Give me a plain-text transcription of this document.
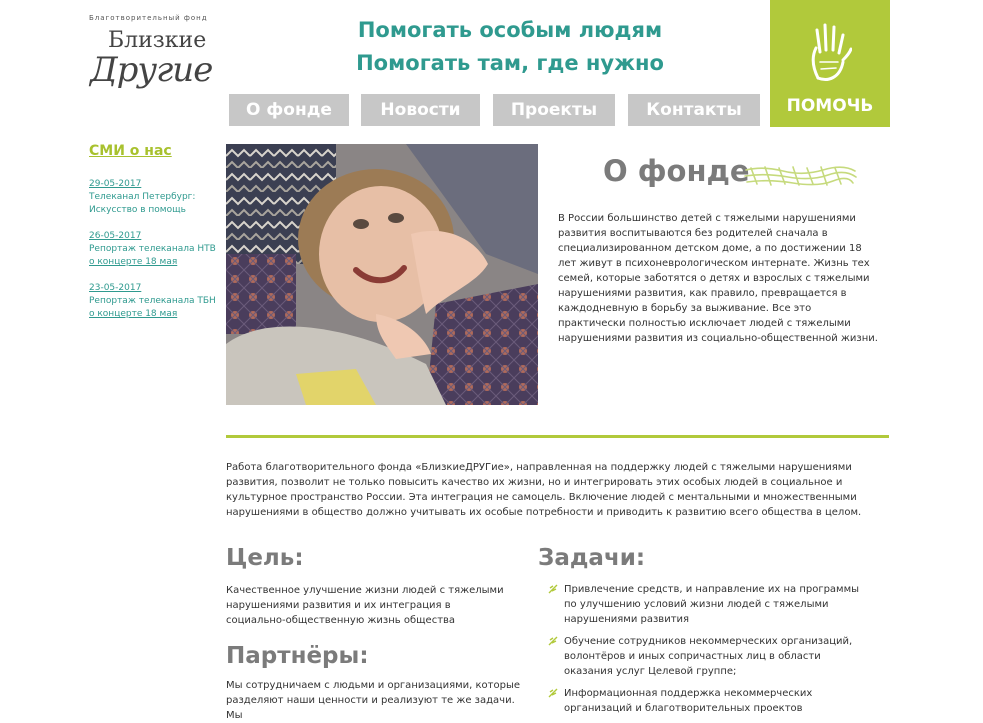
Благотворительный фонд
Близкие
Другие
Помогать особым людям
Помогать там, где нужно
О фонде	Новости	Проекты	Контакты	ПОМОЧЬ
СМИ о нас
29-05-2017
Телеканал Петербург:
Искусство в помощь
26-05-2017
Репортаж телеканала НТВ
о концерте 18 мая
23-05-2017
Репортаж телеканала ТБН
о концерте 18 мая
О фонде
В России большинство детей с тяжелыми нарушениями развития воспитываются без родителей сначала в специализированном детском доме, а по достижении 18 лет живут в психоневрологическом интернате. Жизнь тех семей, которые заботятся о детях и взрослых с тяжелыми нарушениями развития, как правило, превращается в каждодневную в борьбу за выживание. Все это практически полностью исключает людей с тяжелыми нарушениями развития из социально-общественной жизни.
Работа благотворительного фонда «БлизкиеДРУГие», направленная на поддержку людей с тяжелыми нарушениями развития, позволит не только повысить качество их жизни, но и интегрировать этих особых людей в социальное и культурное пространство России. Эта интеграция не самоцель. Включение людей с ментальными и множественными нарушениями в общество должно учитывать их особые потребности и приводить к развитию всего общества в целом.
Цель:
Качественное улучшение жизни людей с тяжелыми нарушениями развития и их интеграция в социально-общественную жизнь общества
Партнёры:
Мы сотрудничаем с людьми и организациями, которые разделяют наши ценности и реализуют те же задачи. Мы
Задачи:
Привлечение средств, и направление их на программы по улучшению условий жизни людей с тяжелыми нарушениями развития
Обучение сотрудников некоммерческих организаций, волонтёров и иных сопричастных лиц в области оказания услуг Целевой группе;
Информационная поддержка некоммерческих организаций и благотворительных проектов
